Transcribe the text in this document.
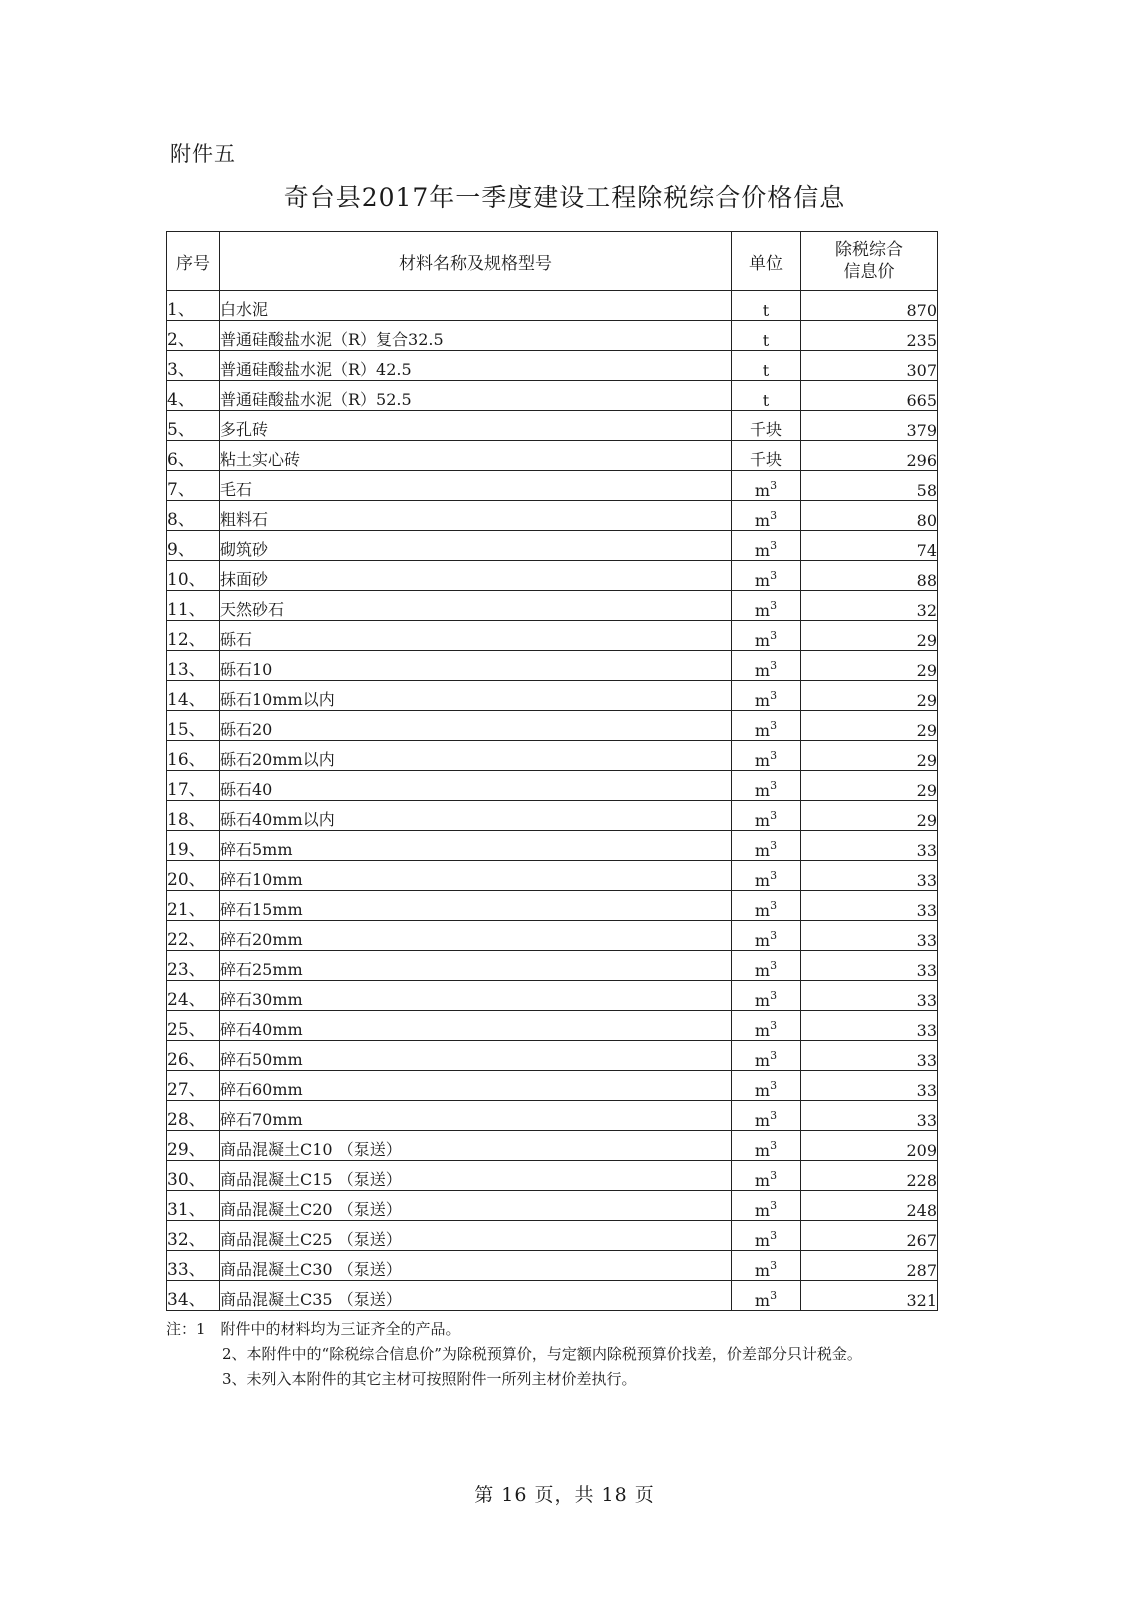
附件五
奇台县2017年一季度建设工程除税综合价格信息
序号	材料名称及规格型号	单位	除税综合
信息价
1、	白水泥	t	870
2、	普通硅酸盐水泥（R）复合32.5	t	235
3、	普通硅酸盐水泥（R）42.5	t	307
4、	普通硅酸盐水泥（R）52.5	t	665
5、	多孔砖	千块	379
6、	粘土实心砖	千块	296
7、	毛石	$m^3$	58
8、	粗料石	$m^3$	80
9、	砌筑砂	$m^3$	74
10、	抹面砂	$m^3$	88
11、	天然砂石	$m^3$	32
12、	砾石	$m^3$	29
13、	砾石10	$m^3$	29
14、	砾石10mm以内	$m^3$	29
15、	砾石20	$m^3$	29
16、	砾石20mm以内	$m^3$	29
17、	砾石40	$m^3$	29
18、	砾石40mm以内	$m^3$	29
19、	碎石5mm	$m^3$	33
20、	碎石10mm	$m^3$	33
21、	碎石15mm	$m^3$	33
22、	碎石20mm	$m^3$	33
23、	碎石25mm	$m^3$	33
24、	碎石30mm	$m^3$	33
25、	碎石40mm	$m^3$	33
26、	碎石50mm	$m^3$	33
27、	碎石60mm	$m^3$	33
28、	碎石70mm	$m^3$	33
29、	商品混凝土C10 （泵送）	$m^3$	209
30、	商品混凝土C15 （泵送）	$m^3$	228
31、	商品混凝土C20 （泵送）	$m^3$	248
32、	商品混凝土C25 （泵送）	$m^3$	267
33、	商品混凝土C30 （泵送）	$m^3$	287
34、	商品混凝土C35 （泵送）	$m^3$	321

注：1　附件中的材料均为三证齐全的产品。

2、本附件中的“除税综合信息价”为除税预算价，与定额内除税预算价找差，价差部分只计税金。

3、未列入本附件的其它主材可按照附件一所列主材价差执行。

第 16 页，共 18 页
